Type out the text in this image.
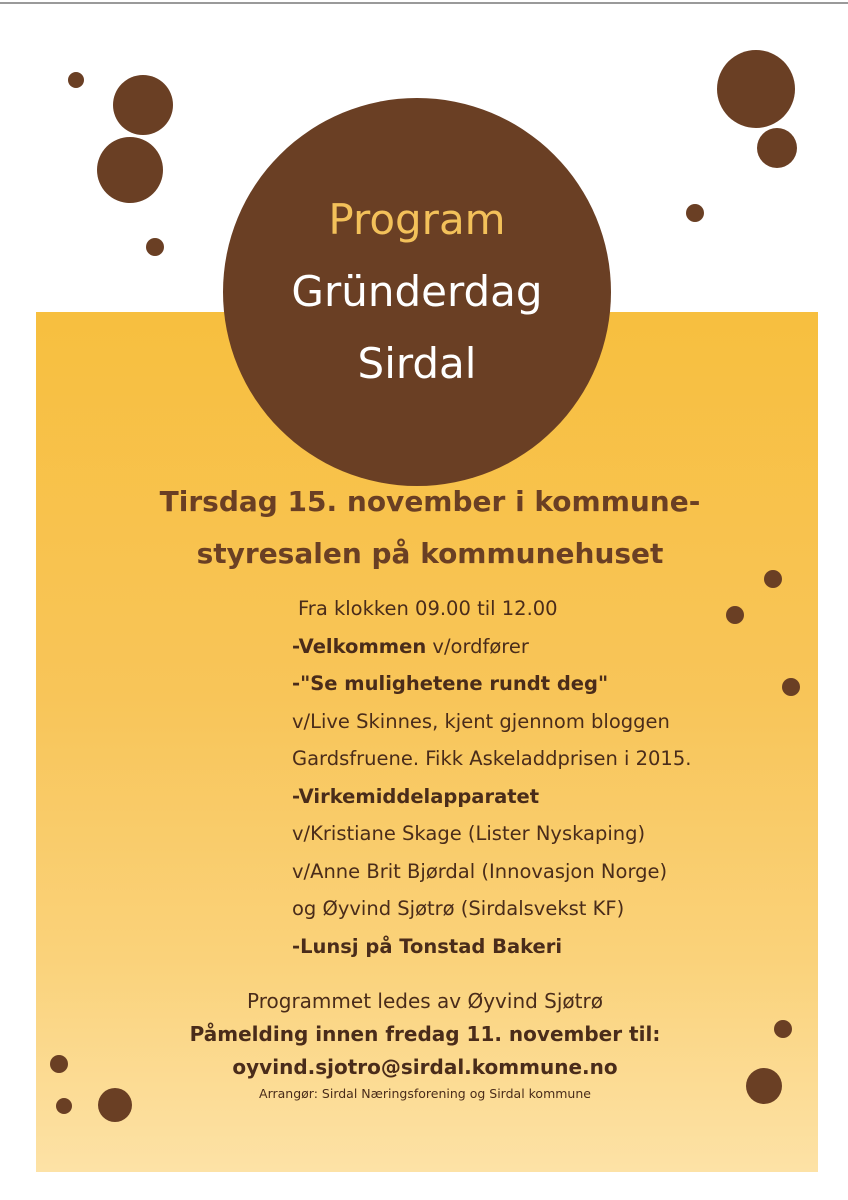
Program
Gründerdag
Sirdal
Tirsdag 15. november i kommune-
styresalen på kommunehuset
Fra klokken 09.00 til 12.00
-Velkommen v/ordfører
-"Se mulighetene rundt deg"
v/Live Skinnes, kjent gjennom bloggen
Gardsfruene. Fikk Askeladdprisen i 2015.
-Virkemiddelapparatet
v/Kristiane Skage (Lister Nyskaping)
v/Anne Brit Bjørdal (Innovasjon Norge)
og Øyvind Sjøtrø (Sirdalsvekst KF)
-Lunsj på Tonstad Bakeri
Programmet ledes av Øyvind Sjøtrø
Påmelding innen fredag 11. november til:
oyvind.sjotro@sirdal.kommune.no
Arrangør: Sirdal Næringsforening og Sirdal kommune
